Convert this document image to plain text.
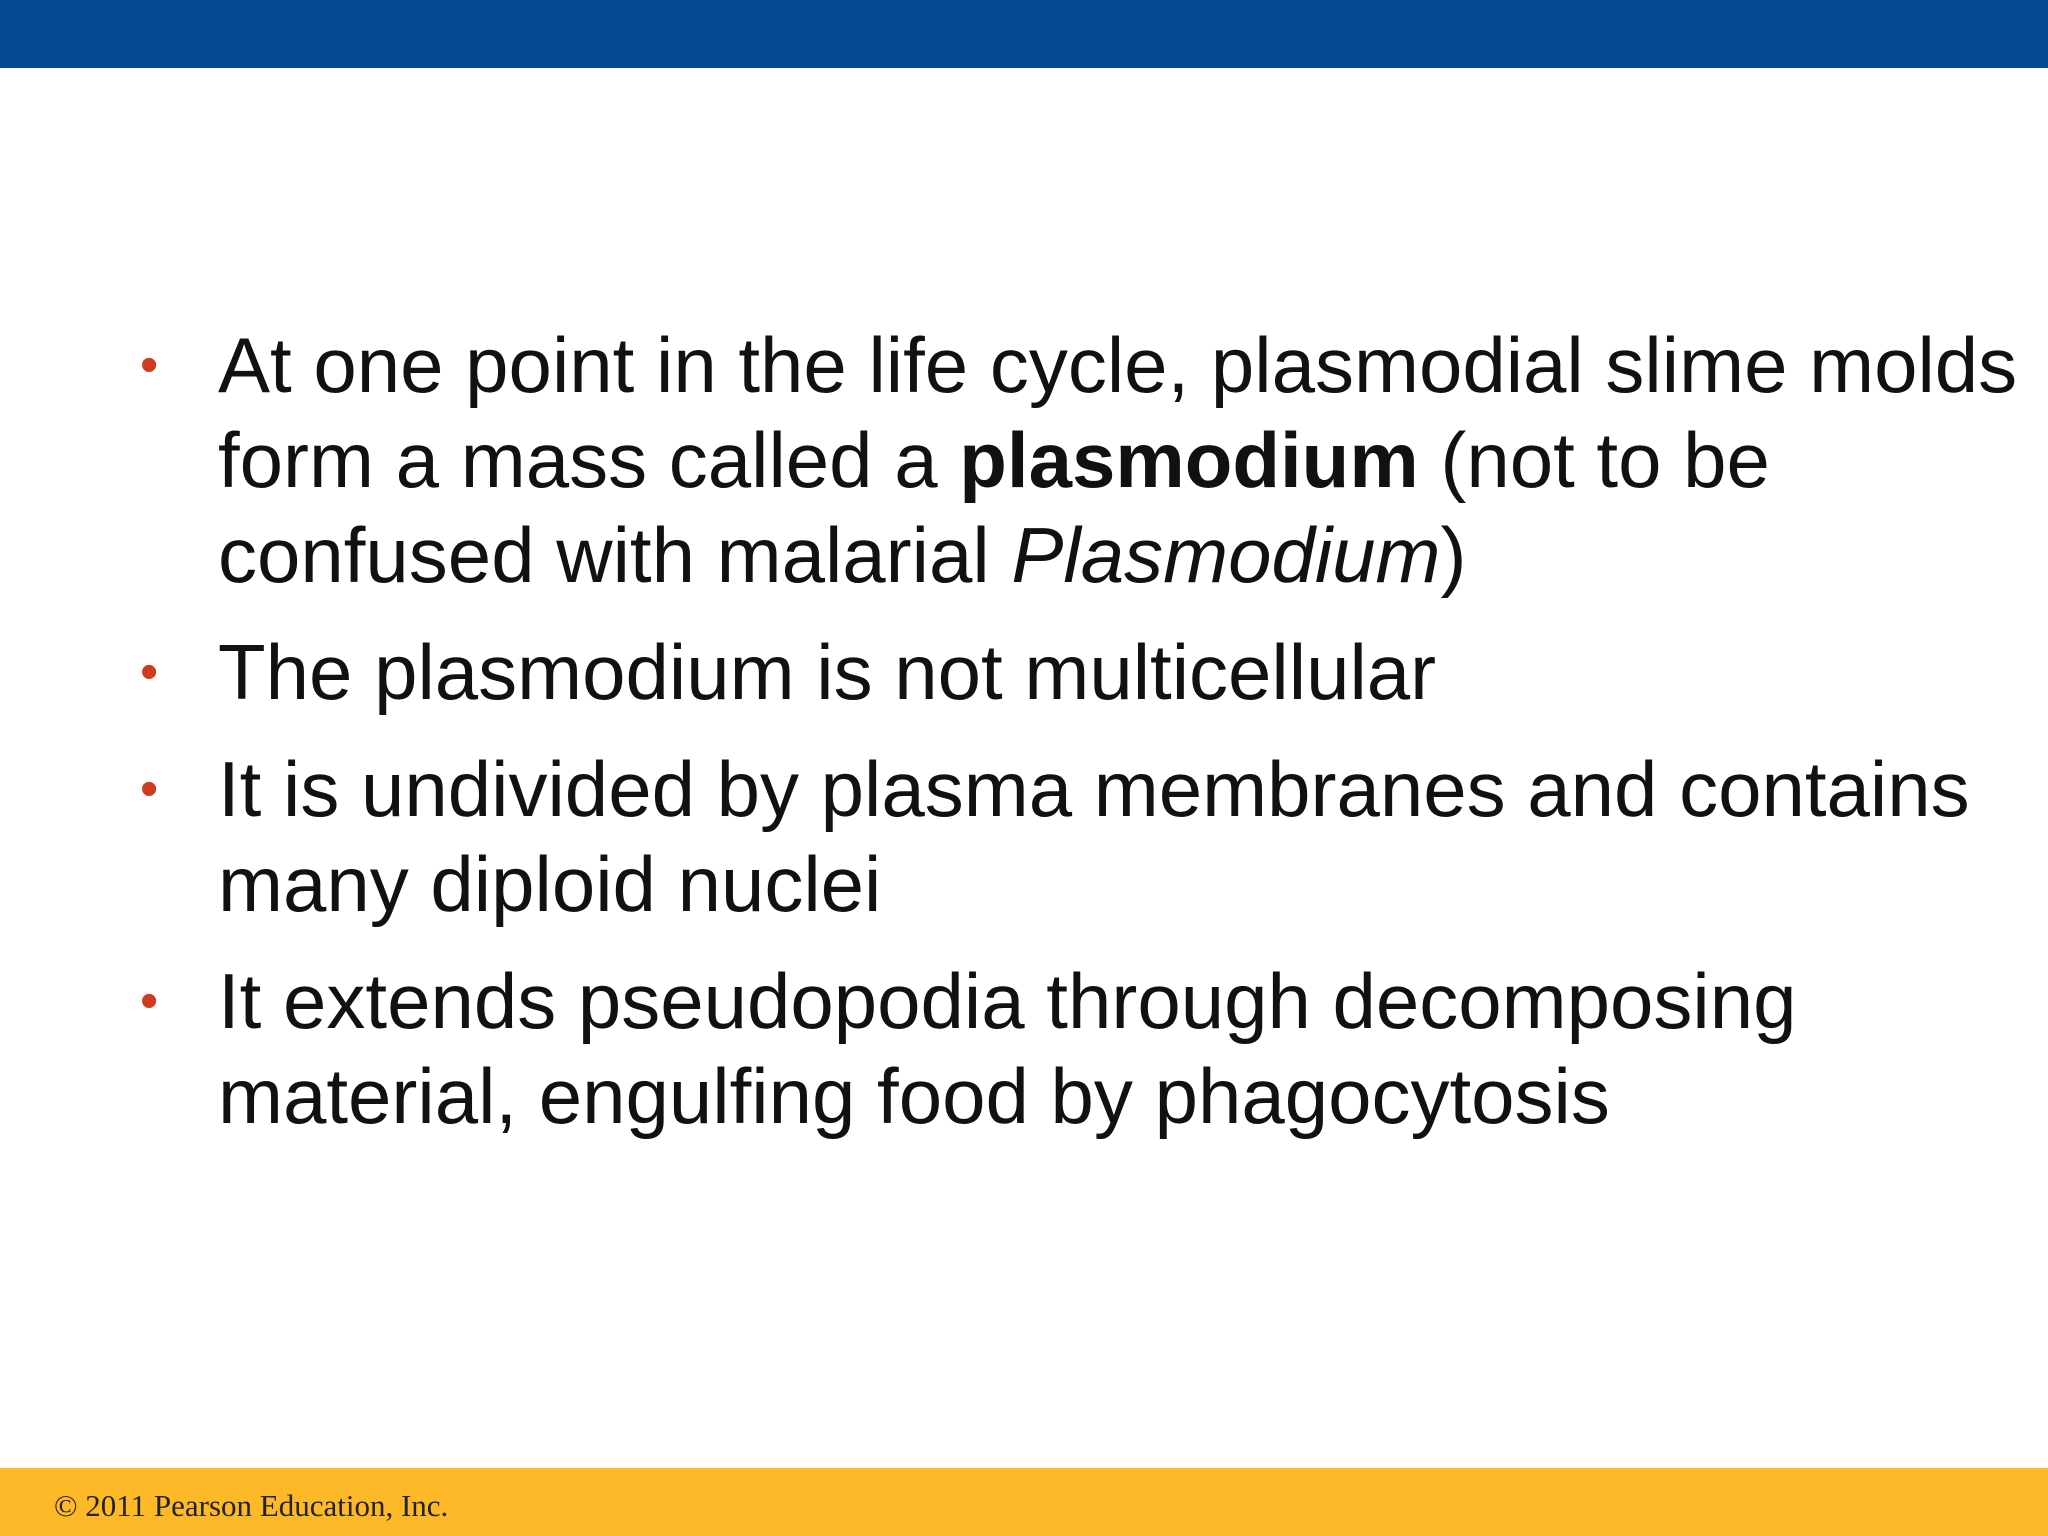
• At one point in the life cycle, plasmodial slime molds form a mass called a plasmodium (not to be confused with malarial Plasmodium)
• The plasmodium is not multicellular
• It is undivided by plasma membranes and contains many diploid nuclei
• It extends pseudopodia through decomposing material, engulfing food by phagocytosis
© 2011 Pearson Education, Inc.
